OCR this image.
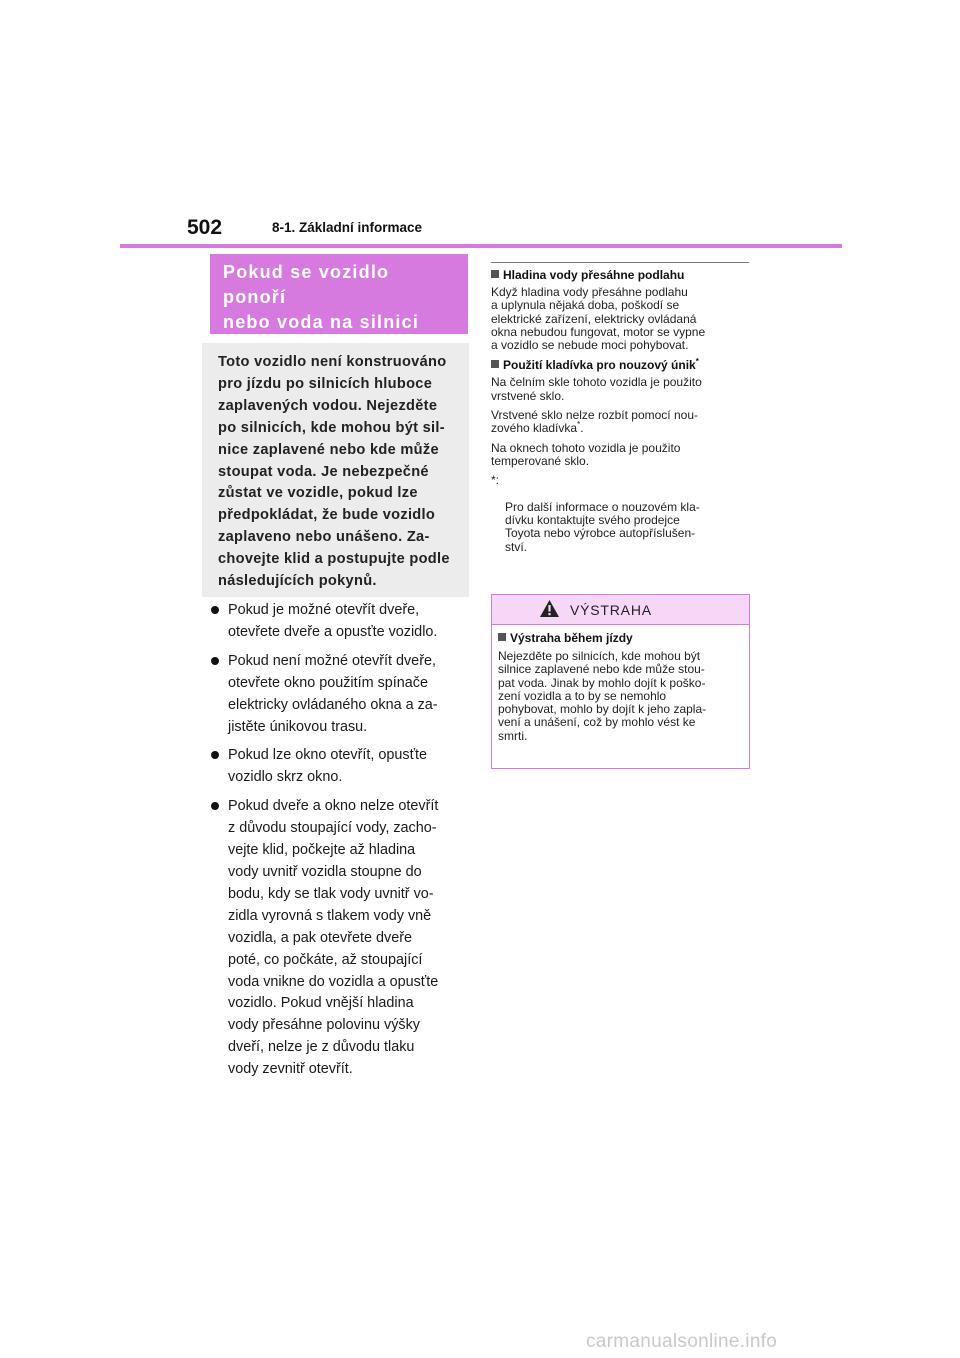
502	8-1. Základní informace
Pokud se vozidlo ponoří
nebo voda na silnici

Toto vozidlo není konstruováno
pro jízdu po silnicích hluboce
zaplavených vodou. Nejezděte
po silnicích, kde mohou být sil-
nice zaplavené nebo kde může
stoupat voda. Je nebezpečné
zůstat ve vozidle, pokud lze
předpokládat, že bude vozidlo
zaplaveno nebo unášeno. Za-
chovejte klid a postupujte podle
následujících pokynů.
Pokud je možné otevřít dveře,
otevřete dveře a opusťte vozidlo.
Pokud není možné otevřít dveře,
otevřete okno použitím spínače
elektricky ovládaného okna a za-
jistěte únikovou trasu.
Pokud lze okno otevřít, opusťte
vozidlo skrz okno.
Pokud dveře a okno nelze otevřít
z důvodu stoupající vody, zacho-
vejte klid, počkejte až hladina
vody uvnitř vozidla stoupne do
bodu, kdy se tlak vody uvnitř vo-
zidla vyrovná s tlakem vody vně
vozidla, a pak otevřete dveře
poté, co počkáte, až stoupající
voda vnikne do vozidla a opusťte
vozidlo. Pokud vnější hladina
vody přesáhne polovinu výšky
dveří, nelze je z důvodu tlaku
vody zevnitř otevřít.
Hladina vody přesáhne podlahu
Když hladina vody přesáhne podlahu
a uplynula nějaká doba, poškodí se
elektrické zařízení, elektricky ovládaná
okna nebudou fungovat, motor se vypne
a vozidlo se nebude moci pohybovat.
Použití kladívka pro nouzový únik*
Na čelním skle tohoto vozidla je použito
vrstvené sklo.
Vrstvené sklo nelze rozbít pomocí nou-
zového kladívka*.
Na oknech tohoto vozidla je použito
temperované sklo.

*:

Pro další informace o nouzovém kla-
dívku kontaktujte svého prodejce
Toyota nebo výrobce autopříslušen-
ství.

VÝSTRAHA
Výstraha během jízdy
Nejezděte po silnicích, kde mohou být
silnice zaplavené nebo kde může stou-
pat voda. Jinak by mohlo dojít k poško-
zení vozidla a to by se nemohlo
pohybovat, mohlo by dojít k jeho zapla-
vení a unášení, což by mohlo vést ke
smrti.
carmanualsonline.info
